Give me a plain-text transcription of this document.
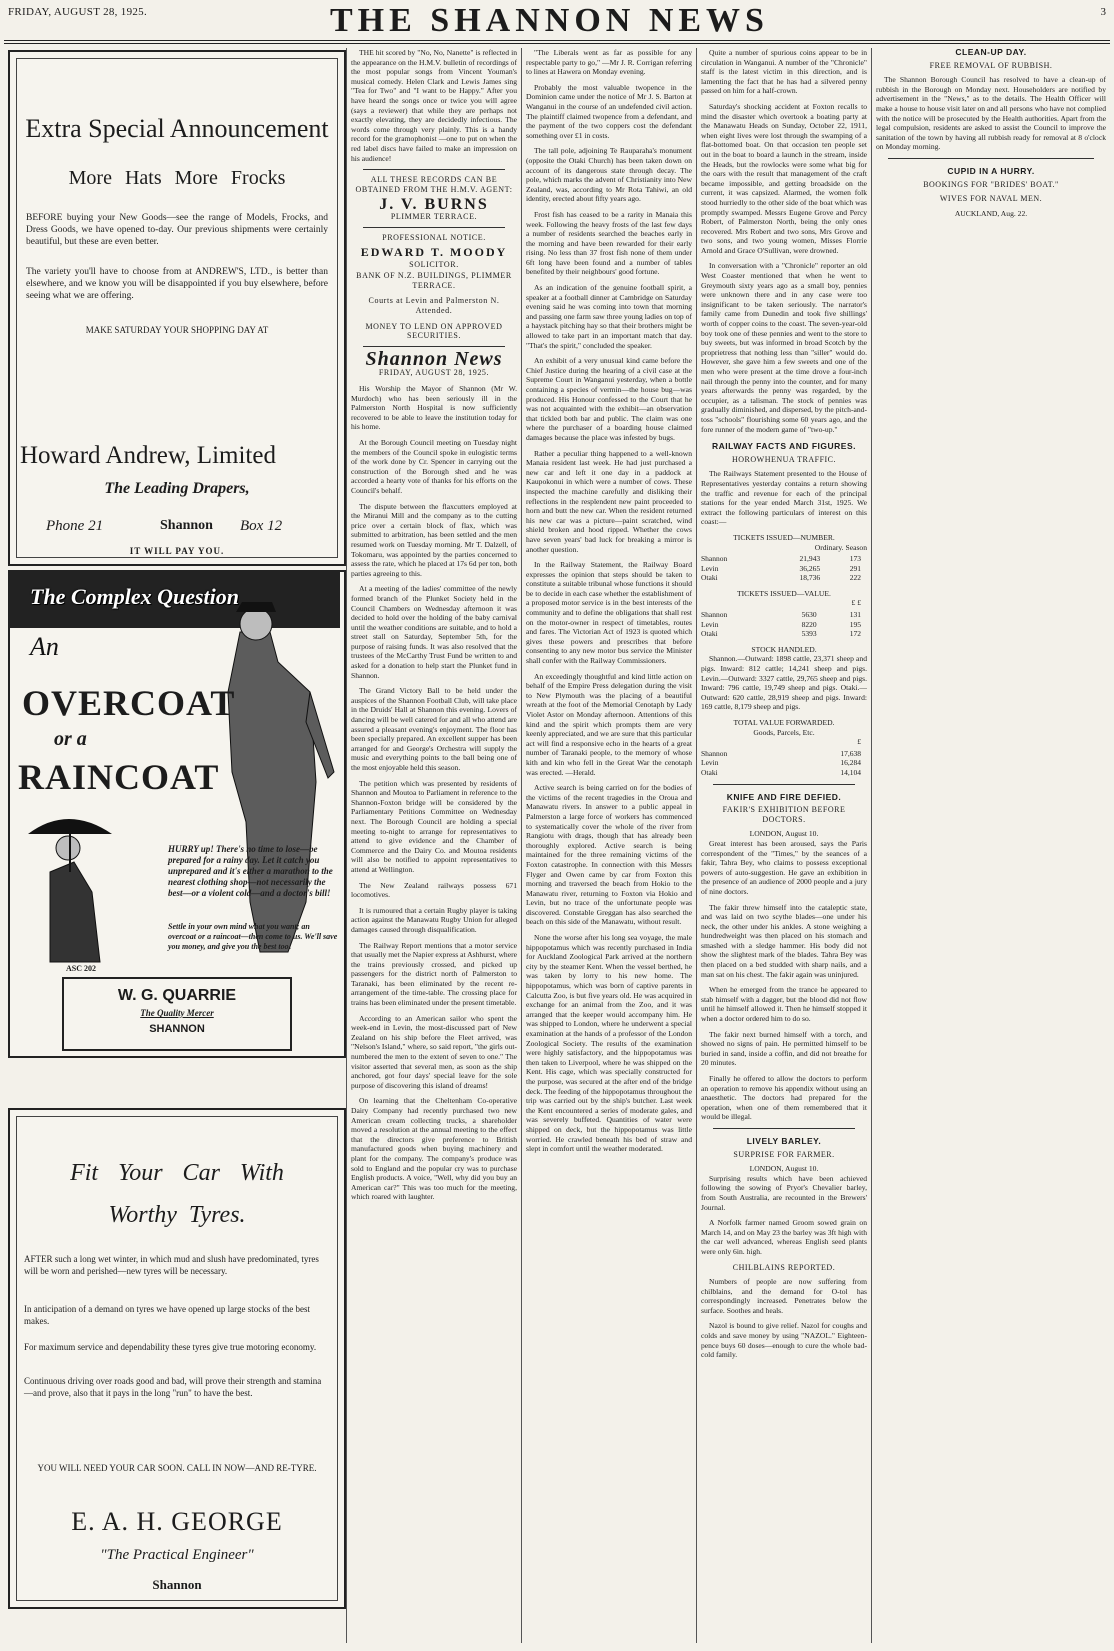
FRIDAY, AUGUST 28, 1925.	THE SHANNON NEWS	3
Extra Special Announcement
More Hats More Frocks
BEFORE buying your New Goods—see the range of Models, Frocks, and Dress Goods, we have opened to-day. Our previous shipments were certainly beautiful, but these are even better.
The variety you'll have to choose from at ANDREW'S, LTD., is better than elsewhere, and we know you will be disappointed if you buy elsewhere, before seeing what we are offering.
MAKE SATURDAY YOUR SHOPPING DAY AT
Howard Andrew, Limited
The Leading Drapers,
Phone 21	Shannon Box 12
IT WILL PAY YOU.
The Complex Question
An
OVERCOAT
or a
RAINCOAT
HURRY up! There's no time to lose—be prepared for a rainy day. Let it catch you unprepared and it's either a marathon to the nearest clothing shop—not necessarily the best—or a violent cold—and a doctor's bill!
Settle in your own mind what you want; an overcoat or a raincoat—then come to us. We'll save you money, and give you the best too!
ASC 202
W. G. QUARRIE
The Quality Mercer
SHANNON
Fit Your Car With
Worthy Tyres.
AFTER such a long wet winter, in which mud and slush have predominated, tyres will be worn and perished—new tyres will be necessary.
In anticipation of a demand on tyres we have opened up large stocks of the best makes.
For maximum service and dependability these tyres give true motoring economy.
Continuous driving over roads good and bad, will prove their strength and stamina—and prove, also that it pays in the long "run" to have the best.
YOU WILL NEED YOUR CAR SOON. CALL IN NOW—AND RE-TYRE.
E. A. H. GEORGE
"The Practical Engineer"
Shannon

THE hit scored by "No, No, Nanette" is reflected in the appearance on the H.M.V. bulletin of recordings of the most popular songs from Vincent Youman's musical comedy. Helen Clark and Lewis James sing "Tea for Two" and "I want to be Happy." After you have heard the songs once or twice you will agree (says a reviewer) that while they are perhaps not exactly elevating, they are decidedly infectious. The words come through very plainly. This is a handy record for the gramophonist —one to put on when the red label discs have failed to make an impression on his audience!

ALL THESE RECORDS CAN BE OBTAINED FROM THE H.M.V. AGENT:
J. V. BURNS
PLIMMER TERRACE.
PROFESSIONAL NOTICE.
EDWARD T. MOODY
SOLICITOR.
BANK OF N.Z. BUILDINGS, PLIMMER TERRACE.
Courts at Levin and Palmerston N. Attended.
MONEY TO LEND ON APPROVED SECURITIES.
Shannon News
FRIDAY, AUGUST 28, 1925.
His Worship the Mayor of Shannon (Mr W. Murdoch) who has been seriously ill in the Palmerston North Hospital is now sufficiently recovered to be able to leave the institution today for his home.
At the Borough Council meeting on Tuesday night the members of the Council spoke in eulogistic terms of the work done by Cr. Spencer in carrying out the construction of the Borough shed and he was accorded a hearty vote of thanks for his efforts on the Council's behalf.
The dispute between the flaxcutters employed at the Miranui Mill and the company as to the cutting price over a certain block of flax, which was submitted to arbitration, has been settled and the men resumed work on Tuesday morning. Mr T. Dalzell, of Tokomaru, was appointed by the parties concerned to assess the rate, which he placed at 17s 6d per ton, both parties agreeing to this.
At a meeting of the ladies' committee of the newly formed branch of the Plunket Society held in the Council Chambers on Wednesday afternoon it was decided to hold over the holding of the baby carnival until the weather conditions are suitable, and to hold a street stall on Saturday, September 5th, for the purpose of raising funds. It was also resolved that the trustees of the McCarthy Trust Fund be written to and asked for a donation to help start the Plunket fund in Shannon.
The Grand Victory Ball to be held under the auspices of the Shannon Football Club, will take place in the Druids' Hall at Shannon this evening. Lovers of dancing will be well catered for and all who attend are assured a pleasant evening's enjoyment. The floor has been specially prepared. An excellent supper has been arranged for and George's Orchestra will supply the music and everything points to the ball being one of the most enjoyable held this season.
The petition which was presented by residents of Shannon and Moutoa to Parliament in reference to the Shannon-Foxton bridge will be considered by the Parliamentary Petitions Committee on Wednesday next. The Borough Council are holding a special meeting to-night to arrange for representatives to attend to give evidence and the Chamber of Commerce and the Dairy Co. and Moutoa residents will also be notified to appoint representatives to attend at Wellington.
The New Zealand railways possess 671 locomotives.
It is rumoured that a certain Rugby player is taking action against the Manawatu Rugby Union for alleged damages caused through disqualification.
The Railway Report mentions that a motor service that usually met the Napier express at Ashhurst, where the trains previously crossed, and picked up passengers for the district north of Palmerston to Taranaki, has been eliminated by the recent re-arrangement of the time-table. The crossing place for trains has been eliminated under the present timetable.
According to an American sailor who spent the week-end in Levin, the most-discussed part of New Zealand on his ship before the Fleet arrived, was "Nelson's Island," where, so said report, "the girls out-numbered the men to the extent of seven to one." The visitor asserted that several men, as soon as the ship anchored, got four days' special leave for the sole purpose of discovering this island of dreams!
On learning that the Cheltenham Co-operative Dairy Company had recently purchased two new American cream collecting trucks, a shareholder moved a resolution at the annual meeting to the effect that the directors give preference to British manufactured goods when buying machinery and plant for the company. The company's produce was sold to England and the popular cry was to purchase English products. A voice, "Well, why did you buy an American car?" This was too much for the meeting, which roared with laughter.
"The Liberals went as far as possible for any respectable party to go," —Mr J. R. Corrigan referring to lines at Hawera on Monday evening.
Probably the most valuable twopence in the Dominion came under the notice of Mr J. S. Barton at Wanganui in the course of an undefended civil action. The plaintiff claimed twopence from a defendant, and the payment of the two coppers cost the defendant something over £1 in costs.
The tall pole, adjoining Te Rauparaha's monument (opposite the Otaki Church) has been taken down on account of its dangerous state through decay. The pole, which marks the advent of Christianity into New Zealand, was, according to Mr Rota Tahiwi, an old identity, erected about fifty years ago.
Frost fish has ceased to be a rarity in Manaia this week. Following the heavy frosts of the last few days a number of residents searched the beaches early in the morning and have been rewarded for their early rising. No less than 37 frost fish none of them under 6ft long have been found and a number of tables benefited by their neighbours' good fortune.
As an indication of the genuine football spirit, a speaker at a football dinner at Cambridge on Saturday evening said he was coming into town that morning and passing one farm saw three young ladies on top of a haystack pitching hay so that their brothers might be allowed to take part in an important match that day. "That's the spirit," concluded the speaker.
An exhibit of a very unusual kind came before the Chief Justice during the hearing of a civil case at the Supreme Court in Wanganui yesterday, when a bottle containing a species of vermin—the house bug—was produced. His Honour confessed to the Court that he was not acquainted with the exhibit—an observation that tickled both bar and public. The claim was one where the purchaser of a boarding house claimed damages because the place was infested by bugs.
Rather a peculiar thing happened to a well-known Manaia resident last week. He had just purchased a new car and left it one day in a paddock at Kaupokonui in which were a number of cows. These inspected the machine carefully and disliking their reflections in the resplendent new paint proceeded to horn and butt the new car. When the resident returned his new car was a picture—paint scratched, wind shield broken and hood ripped. Whether the cows have seven years' bad luck for breaking a mirror is another question.
In the Railway Statement, the Railway Board expresses the opinion that steps should be taken to constitute a suitable tribunal whose functions it should be to decide in each case whether the establishment of a proposed motor service is in the best interests of the community and to define the obligations that shall rest on the motor-owner in respect of timetables, routes and fares. The Victorian Act of 1923 is quoted which gives these powers and prescribes that before consenting to any new motor bus service the Minister shall confer with the Railway Commissioners.
An exceedingly thoughtful and kind little action on behalf of the Empire Press delegation during the visit to New Plymouth was the placing of a beautiful wreath at the foot of the Memorial Cenotaph by Lady Violet Astor on Monday afternoon. Attentions of this kind and the spirit which prompts them are very keenly appreciated, and we are sure that this particular act will find a responsive echo in the hearts of a great number of Taranaki people, to the memory of whose kith and kin who fell in the Great War the cenotaph was erected. —Herald.
Active search is being carried on for the bodies of the victims of the recent tragedies in the Oroua and Manawatu rivers. In answer to a public appeal in Palmerston a large force of workers has commenced to systematically cover the whole of the river from Rangiotu with drags, though that has already been thoroughly explored. Active search is being maintained for the three remaining victims of the Foxton catastrophe. In connection with this Messrs Flyger and Owen came by car from Foxton this morning and traversed the beach from Hokio to the Manawatu river, returning to Foxton via Hokio and Levin, but no trace of the unfortunate people was discovered. Constable Greggan has also searched the beach on this side of the Manawatu, without result.
None the worse after his long sea voyage, the male hippopotamus which was recently purchased in India for Auckland Zoological Park arrived at the northern city by the steamer Kent. When the vessel berthed, he was taken by lorry to his new home. The hippopotamus, which was born of captive parents in Calcutta Zoo, is but five years old. He was acquired in exchange for an animal from the Zoo, and it was arranged that the keeper would accompany him. He was shipped to London, where he underwent a special examination at the hands of a professor of the London Zoological Society. The results of the examination were highly satisfactory, and the hippopotamus was then taken to Liverpool, where he was shipped on the Kent. His cage, which was specially constructed for the purpose, was secured at the after end of the bridge deck. The feeding of the hippopotamus throughout the trip was carried out by the ship's butcher. Last week the Kent encountered a series of moderate gales, and was severely buffeted. Quantities of water were shipped on deck, but the hippopotamus was little worried. He crawled beneath his bed of straw and slept in comfort until the weather moderated.
Quite a number of spurious coins appear to be in circulation in Wanganui. A number of the "Chronicle" staff is the latest victim in this direction, and is lamenting the fact that he has had a silvered penny passed on him for a half-crown.
Saturday's shocking accident at Foxton recalls to mind the disaster which overtook a boating party at the Manawatu Heads on Sunday, October 22, 1911, when eight lives were lost through the swamping of a flat-bottomed boat. On that occasion ten people set out in the boat to board a launch in the stream, inside the Heads, but the rowlocks were some what big for the oars with the result that management of the craft became impossible, and getting broadside on the current, it was capsized. Alarmed, the women folk stood hurriedly to the other side of the boat which was promptly swamped. Messrs Eugene Grove and Percy Robert, of Palmerston North, being the only ones recovered. Mrs Robert and two sons, Mrs Grove and two sons, and two young women, Misses Florrie Arnold and Grace O'Sullivan, were drowned.
In conversation with a "Chronicle" reporter an old West Coaster mentioned that when he went to Greymouth sixty years ago as a small boy, pennies were unknown there and in any case were too insignificant to be taken seriously. The narrator's family came from Dunedin and took five shillings' worth of copper coins to the coast. The seven-year-old boy took one of these pennies and went to the store to buy sweets, but was informed in broad Scotch by the proprietress that nothing less than "siller" would do. However, she gave him a few sweets and one of the men who were present at the time drove a four-inch nail through the penny into the counter, and for many years afterwards the penny was regarded, by the occupier, as a talisman. The stock of pennies was gradually diminished, and dispersed, by the pitch-and-toss "schools" flourishing some 60 years ago, and the fore runner of the modern game of "two-up."
RAILWAY FACTS AND FIGURES.
HOROWHENUA TRAFFIC.

The Railways Statement presented to the House of Representatives yesterday contains a return showing the traffic and revenue for each of the principal stations for the year ended March 31st, 1925. We extract the following particulars of interest on this coast:—

TICKETS ISSUED—NUMBER.
Ordinary. Season
Shannon	21,943	173
Levin	36,265	291
Otaki	18,736	222
TICKETS ISSUED—VALUE.
£ £
Shannon	5630	131
Levin	8220	195
Otaki	5393	172
STOCK HANDLED.

Shannon.—Outward: 1898 cattle, 23,371 sheep and pigs. Inward: 812 cattle; 14,241 sheep and pigs. Levin.—Outward: 3327 cattle, 29,765 sheep and pigs. Inward: 796 cattle, 19,749 sheep and pigs. Otaki.—Outward: 620 cattle, 28,919 sheep and pigs. Inward: 169 cattle, 8,179 sheep and pigs.

TOTAL VALUE FORWARDED.
Goods, Parcels, Etc.
£
Shannon	17,638
Levin	16,284
Otaki	14,104
KNIFE AND FIRE DEFIED.
FAKIR'S EXHIBITION BEFORE DOCTORS.
LONDON, August 10.
Great interest has been aroused, says the Paris correspondent of the "Times," by the seances of a fakir, Tahra Bey, who claims to possess exceptional powers of auto-suggestion. He gave an exhibition in the presence of an audience of 2000 people and a jury of nine doctors.
The fakir threw himself into the cataleptic state, and was laid on two scythe blades—one under his neck, the other under his ankles. A stone weighing a hundredweight was then placed on his stomach and smashed with a sledge hammer. His body did not show the slightest mark of the blades. Tahra Bey was then placed on a bed studded with sharp nails, and a man sat on his chest. The fakir again was uninjured.
When he emerged from the trance he appeared to stab himself with a dagger, but the blood did not flow until he himself allowed it. Then he himself stopped it when a doctor ordered him to do so.
The fakir next burned himself with a torch, and showed no signs of pain. He permitted himself to be buried in sand, inside a coffin, and did not breathe for 20 minutes.
Finally he offered to allow the doctors to perform an operation to remove his appendix without using an anaesthetic. The doctors had prepared for the operation, when one of them remembered that it would be illegal.
LIVELY BARLEY.
SURPRISE FOR FARMER.
LONDON, August 10.
Surprising results which have been achieved following the sowing of Pryor's Chevalier barley, from South Australia, are recounted in the Brewers' Journal.
A Norfolk farmer named Groom sowed grain on March 14, and on May 23 the barley was 3ft high with the car well advanced, whereas English seed plants were only 6in. high.
CHILBLAINS REPORTED.

Numbers of people are now suffering from chilblains, and the demand for O-tol has correspondingly increased. Penetrates below the surface. Soothes and heals.

Nazol is bound to give relief. Nazol for coughs and colds and save money by using "NAZOL." Eighteen-pence buys 60 doses—enough to cure the whole bad-cold family.

CLEAN-UP DAY.
FREE REMOVAL OF RUBBISH.

The Shannon Borough Council has resolved to have a clean-up of rubbish in the Borough on Monday next. Householders are notified by advertisement in the "News," as to the details. The Health Officer will make a house to house visit later on and all persons who have not complied with the notice will be prosecuted by the Health authorities. Apart from the legal compulsion, residents are asked to assist the Council to improve the sanitation of the town by having all rubbish ready for removal at 8 o'clock on Monday morning.

CUPID IN A HURRY.
BOOKINGS FOR "BRIDES' BOAT."
WIVES FOR NAVAL MEN.
AUCKLAND, Aug. 22.
